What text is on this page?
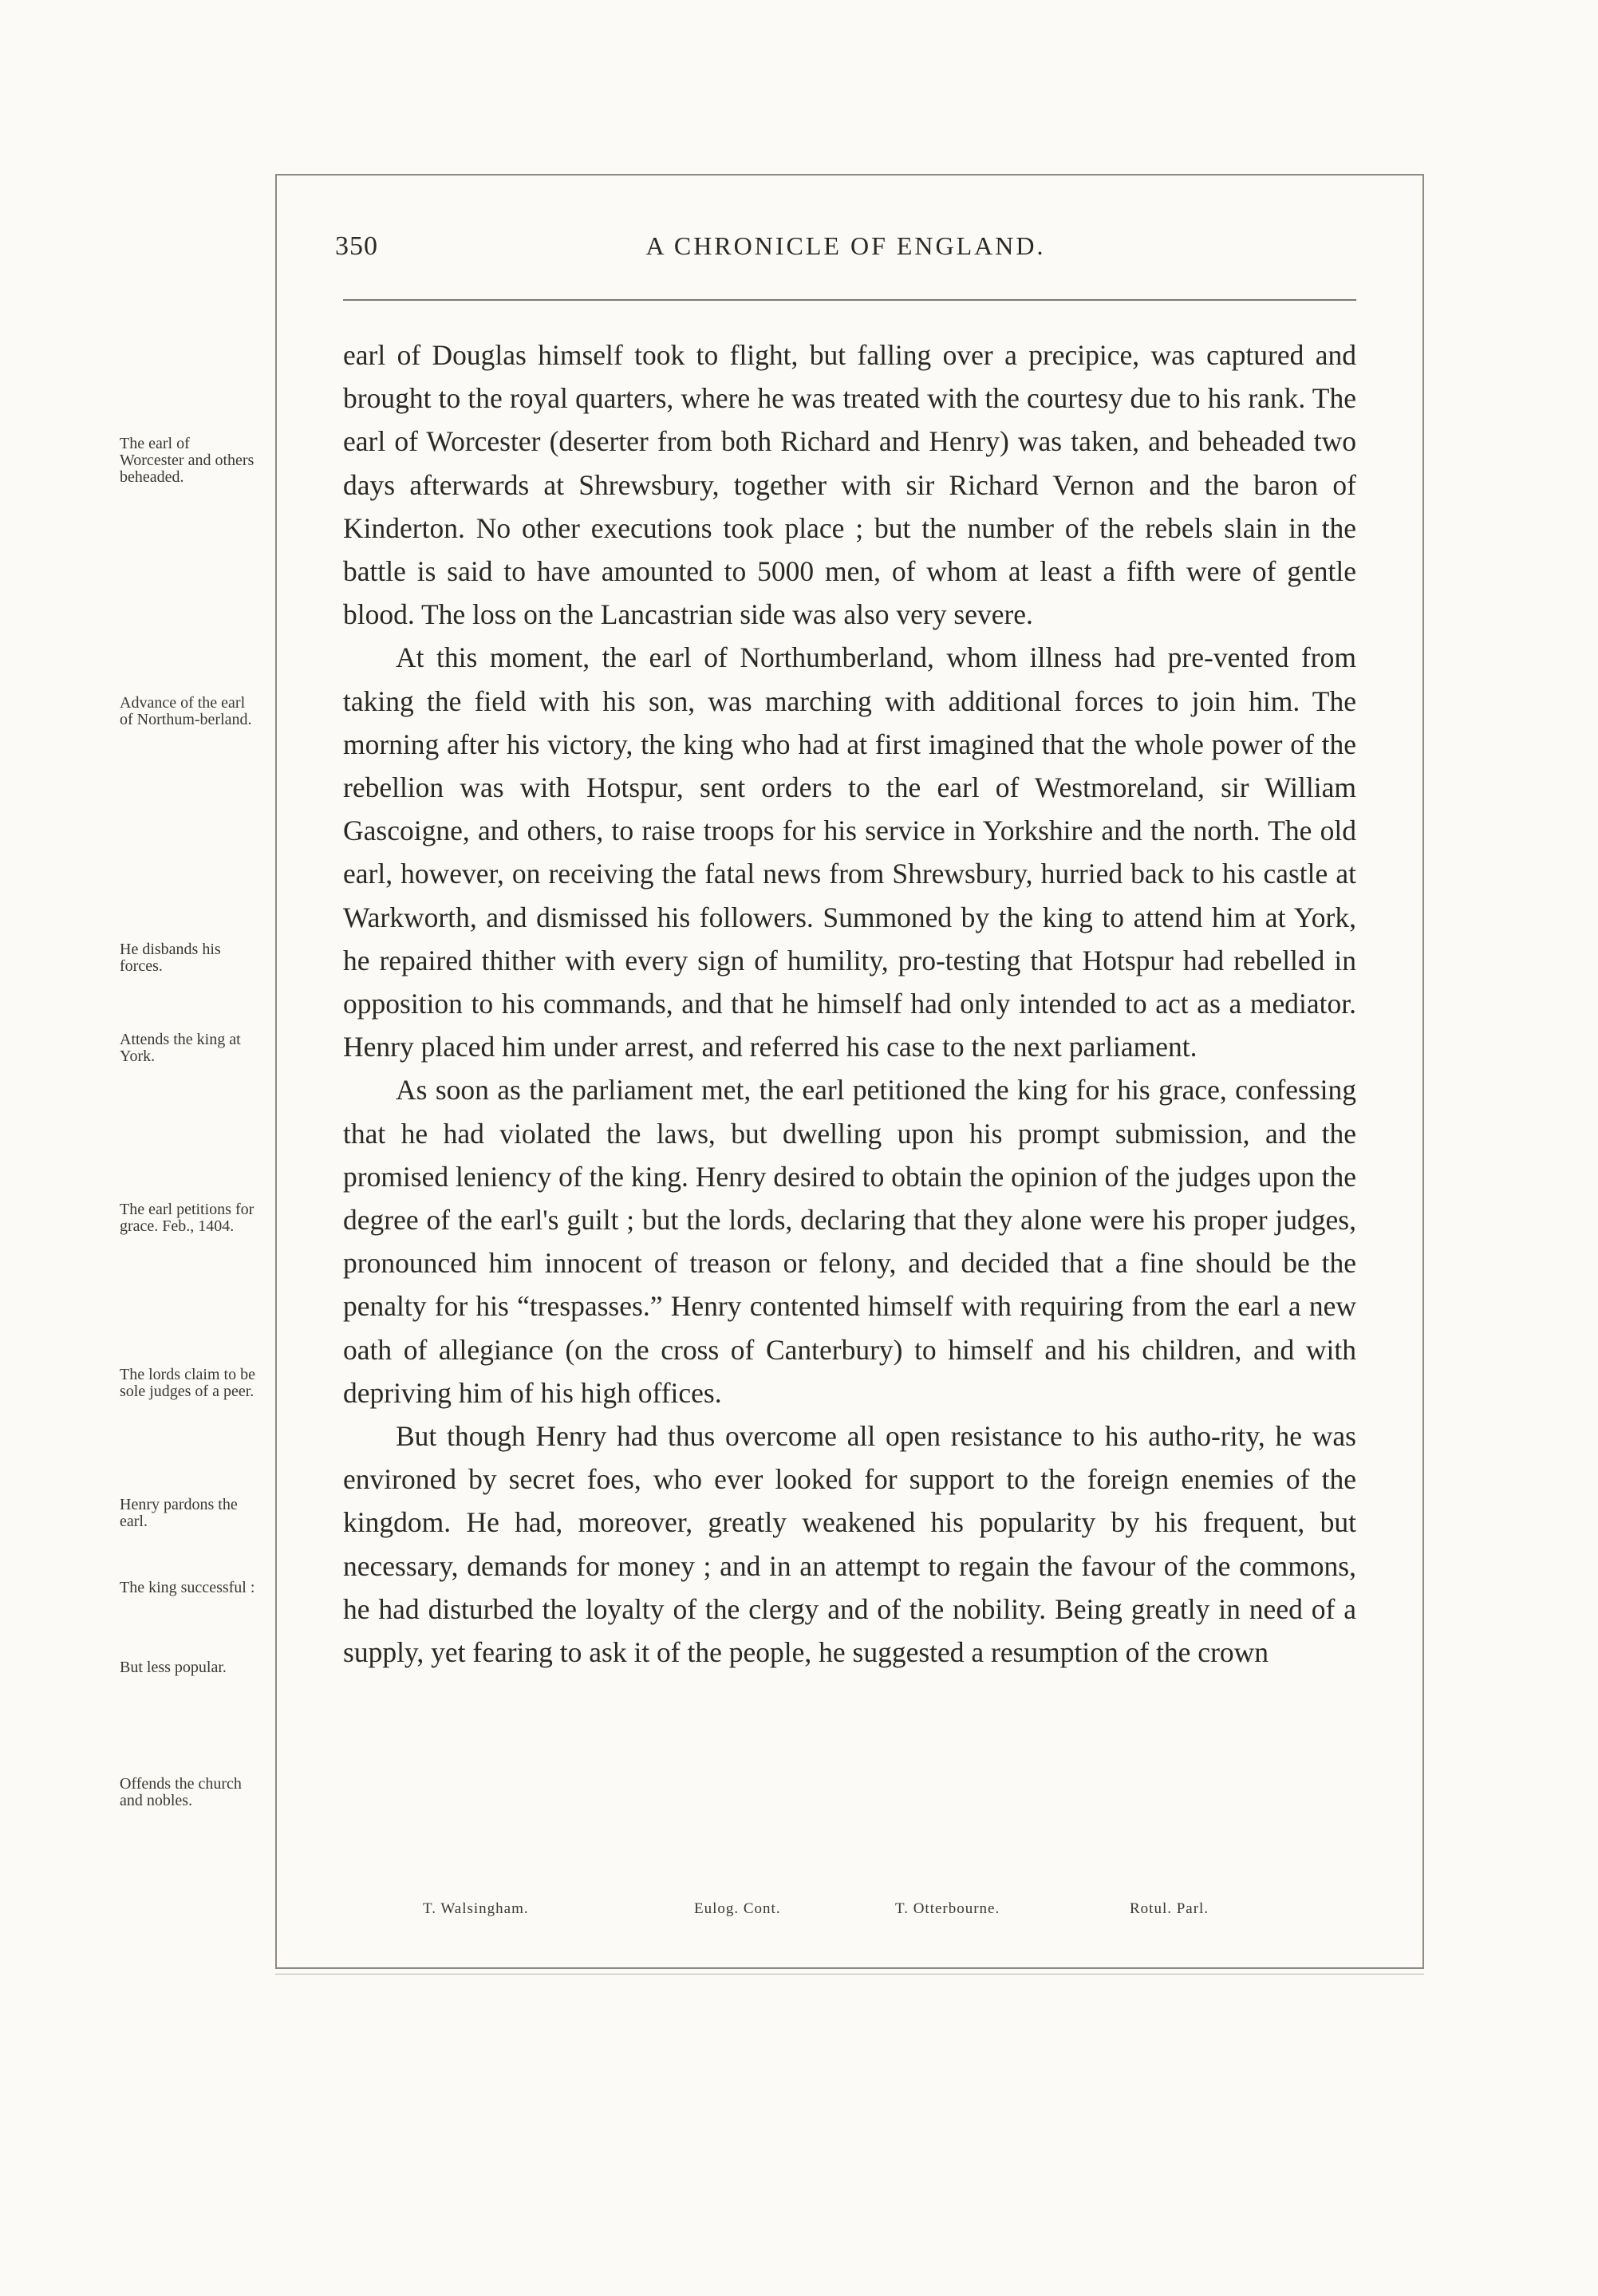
350	A CHRONICLE OF ENGLAND.
The earl of Worcester and others beheaded.
Advance of the earl of Northum-berland.
He disbands his forces.
Attends the king at York.
The earl petitions for grace. Feb., 1404.
The lords claim to be sole judges of a peer.
Henry pardons the earl.
The king successful :
But less popular.
Offends the church and nobles.

earl of Douglas himself took to flight, but falling over a precipice, was captured and brought to the royal quarters, where he was treated with the courtesy due to his rank. The earl of Worcester (deserter from both Richard and Henry) was taken, and beheaded two days afterwards at Shrewsbury, together with sir Richard Vernon and the baron of Kinderton. No other executions took place ; but the number of the rebels slain in the battle is said to have amounted to 5000 men, of whom at least a fifth were of gentle blood. The loss on the Lancastrian side was also very severe.

At this moment, the earl of Northumberland, whom illness had pre-vented from taking the field with his son, was marching with additional forces to join him. The morning after his victory, the king who had at first imagined that the whole power of the rebellion was with Hotspur, sent orders to the earl of Westmoreland, sir William Gascoigne, and others, to raise troops for his service in Yorkshire and the north. The old earl, however, on receiving the fatal news from Shrewsbury, hurried back to his castle at Warkworth, and dismissed his followers. Summoned by the king to attend him at York, he repaired thither with every sign of humility, pro-testing that Hotspur had rebelled in opposition to his commands, and that he himself had only intended to act as a mediator. Henry placed him under arrest, and referred his case to the next parliament.

As soon as the parliament met, the earl petitioned the king for his grace, confessing that he had violated the laws, but dwelling upon his prompt submission, and the promised leniency of the king. Henry desired to obtain the opinion of the judges upon the degree of the earl's guilt ; but the lords, declaring that they alone were his proper judges, pronounced him innocent of treason or felony, and decided that a fine should be the penalty for his “trespasses.” Henry contented himself with requiring from the earl a new oath of allegiance (on the cross of Canterbury) to himself and his children, and with depriving him of his high offices.

But though Henry had thus overcome all open resistance to his autho-rity, he was environed by secret foes, who ever looked for support to the foreign enemies of the kingdom. He had, moreover, greatly weakened his popularity by his frequent, but necessary, demands for money ; and in an attempt to regain the favour of the commons, he had disturbed the loyalty of the clergy and of the nobility. Being greatly in need of a supply, yet fearing to ask it of the people, he suggested a resumption of the crown

T. Walsingham.	Eulog. Cont.	T. Otterbourne.	Rotul. Parl.
